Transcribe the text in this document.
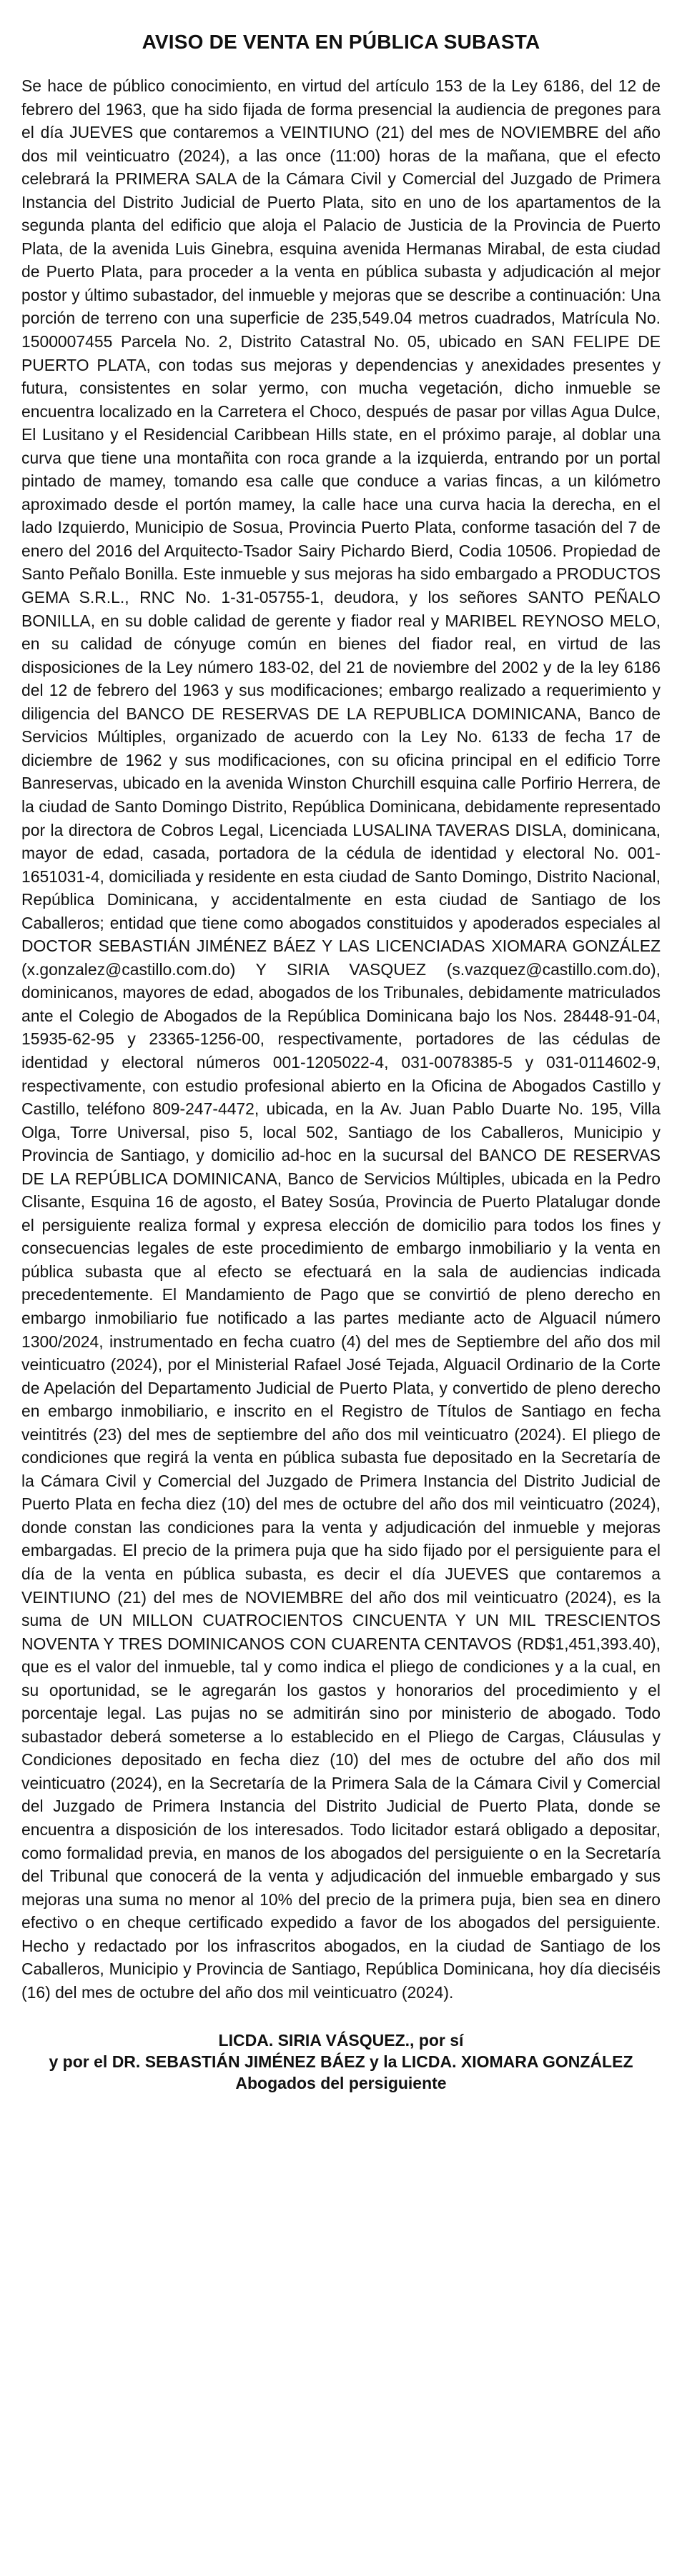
AVISO DE VENTA EN PÚBLICA SUBASTA

Se hace de público conocimiento, en virtud del artículo 153 de la Ley 6186, del 12 de febrero del 1963, que ha sido fijada de forma presencial la audiencia de pregones para el día JUEVES que contaremos a VEINTIUNO (21) del mes de NOVIEMBRE del año dos mil veinticuatro (2024), a las once (11:00) horas de la mañana, que el efecto celebrará la PRIMERA SALA de la Cámara Civil y Comercial del Juzgado de Primera Instancia del Distrito Judicial de Puerto Plata, sito en uno de los apartamentos de la segunda planta del edificio que aloja el Palacio de Justicia de la Provincia de Puerto Plata, de la avenida Luis Ginebra, esquina avenida Hermanas Mirabal, de esta ciudad de Puerto Plata, para proceder a la venta en pública subasta y adjudicación al mejor postor y último subastador, del inmueble y mejoras que se describe a continuación: Una porción de terreno con una superficie de 235,549.04 metros cuadrados, Matrícula No. 1500007455 Parcela No. 2, Distrito Catastral No. 05, ubicado en SAN FELIPE DE PUERTO PLATA, con todas sus mejoras y dependencias y anexidades presentes y futura, consistentes en solar yermo, con mucha vegetación, dicho inmueble se encuentra localizado en la Carretera el Choco, después de pasar por villas Agua Dulce, El Lusitano y el Residencial Caribbean Hills state, en el próximo paraje, al doblar una curva que tiene una montañita con roca grande a la izquierda, entrando por un portal pintado de mamey, tomando esa calle que conduce a varias fincas, a un kilómetro aproximado desde el portón mamey, la calle hace una curva hacia la derecha, en el lado Izquierdo, Municipio de Sosua, Provincia Puerto Plata, conforme tasación del 7 de enero del 2016 del Arquitecto-Tsador Sairy Pichardo Bierd, Codia 10506. Propiedad de Santo Peñalo Bonilla. Este inmueble y sus mejoras ha sido embargado a PRODUCTOS GEMA S.R.L., RNC No. 1-31-05755-1, deudora, y los señores SANTO PEÑALO BONILLA, en su doble calidad de gerente y fiador real y MARIBEL REYNOSO MELO, en su calidad de cónyuge común en bienes del fiador real, en virtud de las disposiciones de la Ley número 183-02, del 21 de noviembre del 2002 y de la ley 6186 del 12 de febrero del 1963 y sus modificaciones; embargo realizado a requerimiento y diligencia del BANCO DE RESERVAS DE LA REPUBLICA DOMINICANA, Banco de Servicios Múltiples, organizado de acuerdo con la Ley No. 6133 de fecha 17 de diciembre de 1962 y sus modificaciones, con su oficina principal en el edificio Torre Banreservas, ubicado en la avenida Winston Churchill esquina calle Porfirio Herrera, de la ciudad de Santo Domingo Distrito, República Dominicana, debidamente representado por la directora de Cobros Legal, Licenciada LUSALINA TAVERAS DISLA, dominicana, mayor de edad, casada, portadora de la cédula de identidad y electoral No. 001-1651031-4, domiciliada y residente en esta ciudad de Santo Domingo, Distrito Nacional, República Dominicana, y accidentalmente en esta ciudad de Santiago de los Caballeros; entidad que tiene como abogados constituidos y apoderados especiales al DOCTOR SEBASTIÁN JIMÉNEZ BÁEZ Y LAS LICENCIADAS XIOMARA GONZÁLEZ (x.gonzalez@castillo.com.do) Y SIRIA VASQUEZ (s.vazquez@castillo.com.do), dominicanos, mayores de edad, abogados de los Tribunales, debidamente matriculados ante el Colegio de Abogados de la República Dominicana bajo los Nos. 28448-91-04, 15935-62-95 y 23365-1256-00, respectivamente, portadores de las cédulas de identidad y electoral números 001-1205022-4, 031-0078385-5 y 031-0114602-9, respectivamente, con estudio profesional abierto en la Oficina de Abogados Castillo y Castillo, teléfono 809-247-4472, ubicada, en la Av. Juan Pablo Duarte No. 195, Villa Olga, Torre Universal, piso 5, local 502, Santiago de los Caballeros, Municipio y Provincia de Santiago, y domicilio ad-hoc en la sucursal del BANCO DE RESERVAS DE LA REPÚBLICA DOMINICANA, Banco de Servicios Múltiples, ubicada en la Pedro Clisante, Esquina 16 de agosto, el Batey Sosúa, Provincia de Puerto Platalugar donde el persiguiente realiza formal y expresa elección de domicilio para todos los fines y consecuencias legales de este procedimiento de embargo inmobiliario y la venta en pública subasta que al efecto se efectuará en la sala de audiencias indicada precedentemente. El Mandamiento de Pago que se convirtió de pleno derecho en embargo inmobiliario fue notificado a las partes mediante acto de Alguacil número 1300/2024, instrumentado en fecha cuatro (4) del mes de Septiembre del año dos mil veinticuatro (2024), por el Ministerial Rafael José Tejada, Alguacil Ordinario de la Corte de Apelación del Departamento Judicial de Puerto Plata, y convertido de pleno derecho en embargo inmobiliario, e inscrito en el Registro de Títulos de Santiago en fecha veintitrés (23) del mes de septiembre del año dos mil veinticuatro (2024). El pliego de condiciones que regirá la venta en pública subasta fue depositado en la Secretaría de la Cámara Civil y Comercial del Juzgado de Primera Instancia del Distrito Judicial de Puerto Plata en fecha diez (10) del mes de octubre del año dos mil veinticuatro (2024), donde constan las condiciones para la venta y adjudicación del inmueble y mejoras embargadas. El precio de la primera puja que ha sido fijado por el persiguiente para el día de la venta en pública subasta, es decir el día JUEVES que contaremos a VEINTIUNO (21) del mes de NOVIEMBRE del año dos mil veinticuatro (2024), es la suma de UN MILLON CUATROCIENTOS CINCUENTA Y UN MIL TRESCIENTOS NOVENTA Y TRES DOMINICANOS CON CUARENTA CENTAVOS (RD$1,451,393.40), que es el valor del inmueble, tal y como indica el pliego de condiciones y a la cual, en su oportunidad, se le agregarán los gastos y honorarios del procedimiento y el porcentaje legal. Las pujas no se admitirán sino por ministerio de abogado. Todo subastador deberá someterse a lo establecido en el Pliego de Cargas, Cláusulas y Condiciones depositado en fecha diez (10) del mes de octubre del año dos mil veinticuatro (2024), en la Secretaría de la Primera Sala de la Cámara Civil y Comercial del Juzgado de Primera Instancia del Distrito Judicial de Puerto Plata, donde se encuentra a disposición de los interesados. Todo licitador estará obligado a depositar, como formalidad previa, en manos de los abogados del persiguiente o en la Secretaría del Tribunal que conocerá de la venta y adjudicación del inmueble embargado y sus mejoras una suma no menor al 10% del precio de la primera puja, bien sea en dinero efectivo o en cheque certificado expedido a favor de los abogados del persiguiente. Hecho y redactado por los infrascritos abogados, en la ciudad de Santiago de los Caballeros, Municipio y Provincia de Santiago, República Dominicana, hoy día dieciséis (16) del mes de octubre del año dos mil veinticuatro (2024).

LICDA. SIRIA VÁSQUEZ., por sí
y por el DR. SEBASTIÁN JIMÉNEZ BÁEZ y la LICDA. XIOMARA GONZÁLEZ
Abogados del persiguiente
